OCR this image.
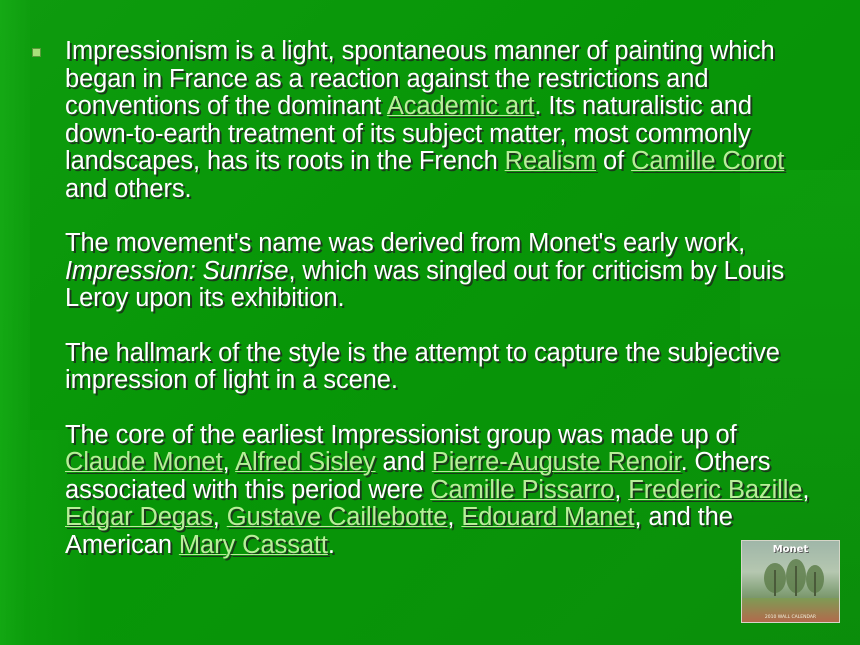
Impressionism is a light, spontaneous manner of painting which began in France as a reaction against the restrictions and conventions of the dominant Academic art. Its naturalistic and down-to-earth treatment of its subject matter, most commonly landscapes, has its roots in the French Realism of Camille Corot and others.
The movement's name was derived from Monet's early work, Impression: Sunrise, which was singled out for criticism by Louis Leroy upon its exhibition.
The hallmark of the style is the attempt to capture the subjective impression of light in a scene.
The core of the earliest Impressionist group was made up of Claude Monet, Alfred Sisley and Pierre-Auguste Renoir. Others associated with this period were Camille Pissarro, Frederic Bazille, Edgar Degas, Gustave Caillebotte, Edouard Manet, and the American Mary Cassatt.	Monet
2010 WALL CALENDAR
